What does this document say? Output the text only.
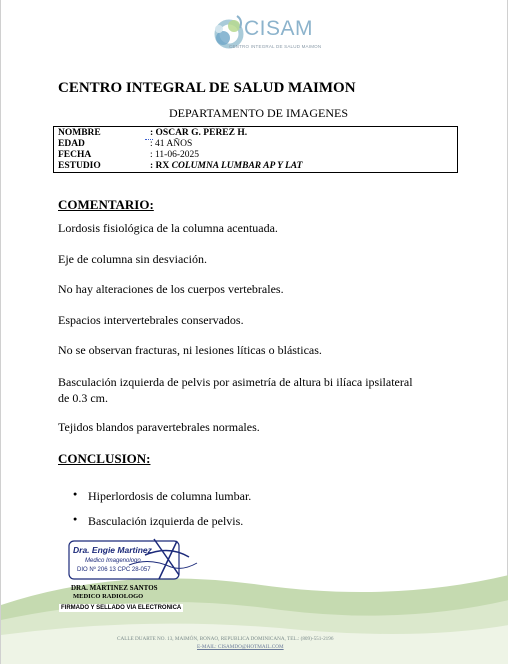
CISAM
CENTRO INTEGRAL DE SALUD MAIMON
CENTRO INTEGRAL DE SALUD MAIMON
DEPARTAMENTO DE IMAGENES
NOMBRE	: OSCAR G. PEREZ H.
EDAD	: 41 AÑOS
FECHA	: 11-06-2025
ESTUDIO	: RX COLUMNA LUMBAR AP Y LAT
COMENTARIO:
Lordosis fisiológica de la columna acentuada.
Eje de columna sin desviación.
No hay alteraciones de los cuerpos vertebrales.
Espacios intervertebrales conservados.
No se observan fracturas, ni lesiones líticas o blásticas.
Basculación izquierda de pelvis por asimetría de altura bi ilíaca ipsilateral
de 0.3 cm.
Tejidos blandos paravertebrales normales.
CONCLUSION:
● Hiperlordosis de columna lumbar.
● Basculación izquierda de pelvis.
Dra. Engie Martinez
Medico Imagenologo
DIO Nº 206 13 CPC 28-057
DRA. MARTINEZ SANTOS
MEDICO RADIOLOGO
FIRMADO Y SELLADO VIA ELECTRONICA
CALLE DUARTE NO. 13, MAIMÓN, BONAO, REPUBLICA DOMINICANA, TEL.: (809)-551-2196
E-MAIL: CISAMDO@HOTMAIL.COM
